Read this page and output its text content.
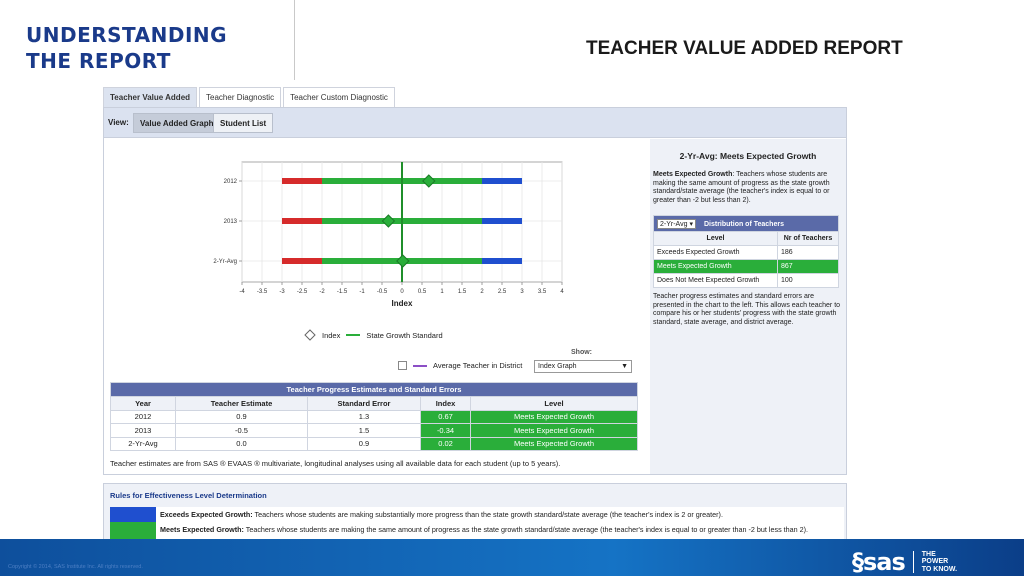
UNDERSTANDING
THE REPORT
TEACHER VALUE ADDED REPORT
Teacher Value Added	Teacher Diagnostic	Teacher Custom Diagnostic
View:	Value Added Graph Student List
-4 -3.5 -3 -2.5 -2 -1.5 -1 -0.5 0 0.5 1 1.5 2 2.5 3 3.5 4
Index
2012
2013
2-Yr-Avg
Index	State Growth Standard
Average Teacher in District
Show:
Index Graph	▼
Teacher Progress Estimates and Standard Errors				
Year	Teacher Estimate	Standard Error	Index	Level
2012	0.9	1.3	0.67	Meets Expected Growth
2013	-0.5	1.5	-0.34	Meets Expected Growth
2-Yr-Avg	0.0	0.9	0.02	Meets Expected Growth
Teacher estimates are from SAS ® EVAAS ® multivariate, longitudinal analyses using all available data for each student (up to 5 years).
2-Yr-Avg: Meets Expected Growth
Meets Expected Growth: Teachers whose students are making the same amount of progress as the state growth standard/state average (the teacher's index is equal to or greater than -2 but less than 2).
2-Yr-Avg ▾ Distribution of Teachers	
Level	Nr of Teachers
Exceeds Expected Growth	186
Meets Expected Growth	867
Does Not Meet Expected Growth	100
Teacher progress estimates and standard errors are presented in the chart to the left. This allows each teacher to compare his or her students' progress with the state growth standard, state average, and district average.
Rules for Effectiveness Level Determination
Exceeds Expected Growth: Teachers whose students are making substantially more progress than the state growth standard/state average (the teacher's index is 2 or greater).
Meets Expected Growth: Teachers whose students are making the same amount of progress as the state growth standard/state average (the teacher's index is equal to or greater than -2 but less than 2).
Copyright © 2014, SAS Institute Inc. All rights reserved.	§sas THE
POWER
TO KNOW.
